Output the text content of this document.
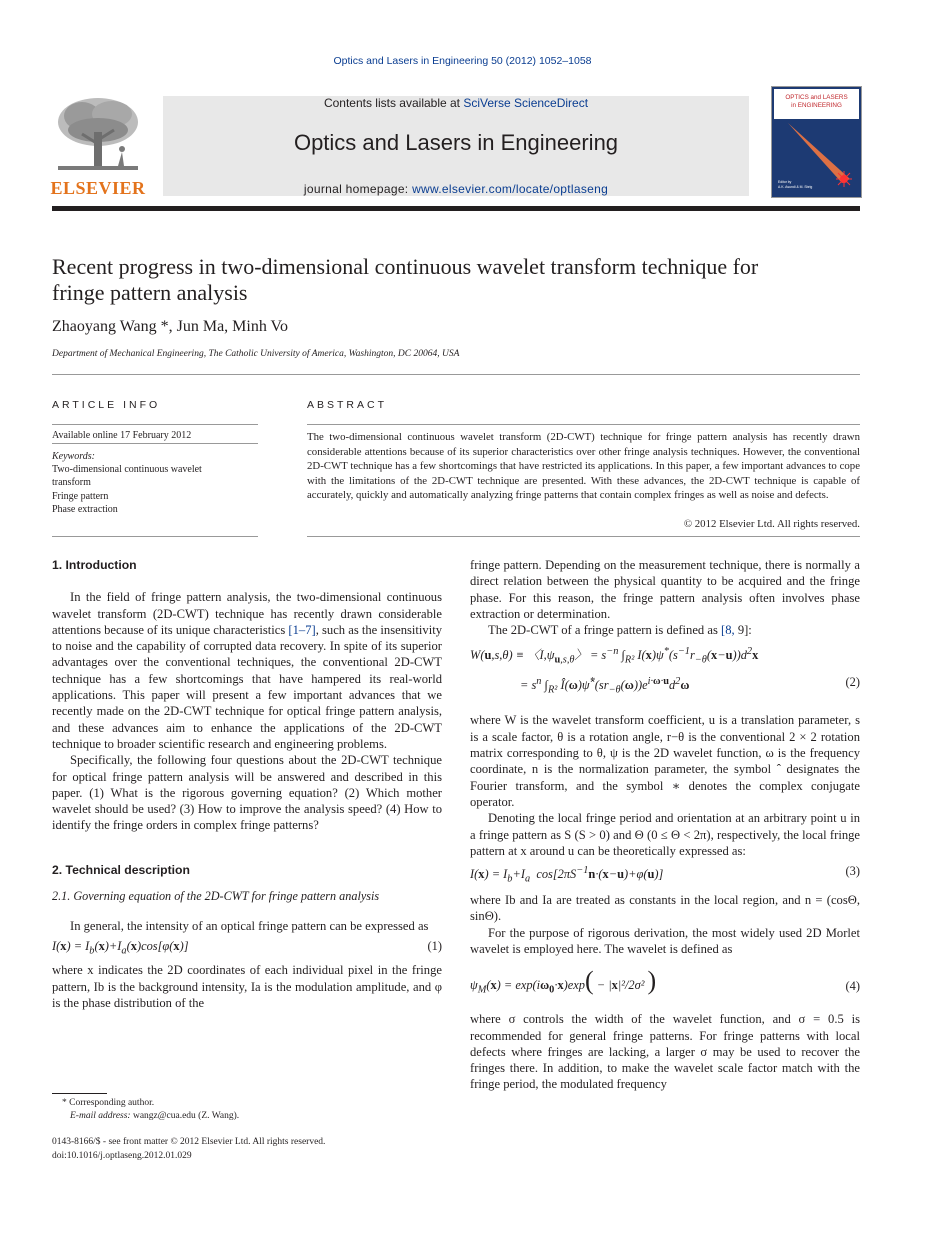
Optics and Lasers in Engineering 50 (2012) 1052–1058
ELSEVIER
Contents lists available at SciVerse ScienceDirect
Optics and Lasers in Engineering
journal homepage: www.elsevier.com/locate/optlaseng
OPTICS and LASERS
in ENGINEERING
Editor by
A.K. Asundi & M. Sbrig
Recent progress in two-dimensional continuous wavelet transform technique for fringe pattern analysis
Zhaoyang Wang *, Jun Ma, Minh Vo
Department of Mechanical Engineering, The Catholic University of America, Washington, DC 20064, USA
ARTICLE INFO	ABSTRACT
Available online 17 February 2012
Keywords:
Two-dimensional continuous wavelet
transform
Fringe pattern
Phase extraction
The two-dimensional continuous wavelet transform (2D-CWT) technique for fringe pattern analysis has recently drawn considerable attentions because of its superior characteristics over other fringe analysis techniques. However, the conventional 2D-CWT technique has a few shortcomings that have restricted its applications. In this paper, a few important advances to cope with the limitations of the 2D-CWT technique are presented. With these advances, the 2D-CWT technique is capable of accurately, quickly and automatically analyzing fringe patterns that contain complex fringes as well as noise and defects.
© 2012 Elsevier Ltd. All rights reserved.
1. Introduction

In the field of fringe pattern analysis, the two-dimensional continuous wavelet transform (2D-CWT) technique has recently drawn considerable attentions because of its unique characteristics [1–7], such as the insensitivity to noise and the capability of corrupted data recovery. In spite of its superior advantages over the conventional techniques, the conventional 2D-CWT technique has a few shortcomings that have hampered its real-world applications. This paper will present a few important advances that we recently made on the 2D-CWT technique for optical fringe pattern analysis, and these advances aim to enhance the applications of the 2D-CWT technique to broader scientific research and engineering problems.

Specifically, the following four questions about the 2D-CWT technique for optical fringe pattern analysis will be answered and described in this paper. (1) What is the rigorous governing equation? (2) Which mother wavelet should be used? (3) How to improve the analysis speed? (4) How to identify the fringe orders in complex fringe patterns?

2. Technical description
2.1. Governing equation of the 2D-CWT for fringe pattern analysis

In general, the intensity of an optical fringe pattern can be expressed as

$I(x) = I_b(x)+I_a(x)\cos[\varphi(x)]$	(1)

where x indicates the 2D coordinates of each individual pixel in the fringe pattern, Ib is the background intensity, Ia is the modulation amplitude, and φ is the phase distribution of the

fringe pattern. Depending on the measurement technique, there is normally a direct relation between the physical quantity to be acquired and the fringe phase. For this reason, the fringe pattern analysis often involves phase extraction or determination.

The 2D-CWT of a fringe pattern is defined as [8, 9]:

W(u,s,θ) ≡ 〈$I,\psi_{u,s,\theta}$〉 = $s^{-n}$ $\int_{R^2}$ $I(x)\psi^*(s^{-1}r_{-\theta}(x-u))d^2x$
= $s^n$ $\int_{R^2}$ $Î(\omega)\psî^*(sr_{-\theta}(\omega))e^{i\cdot\omega\cdot u}d^2\omega$	(2)

where W is the wavelet transform coefficient, u is a translation parameter, s is a scale factor, θ is a rotation angle, r−θ is the conventional 2 × 2 rotation matrix corresponding to θ, ψ is the 2D wavelet function, ω is the frequency coordinate, n is the normalization parameter, the symbol ˆ designates the Fourier transform, and the symbol ∗ denotes the complex conjugate operator.

Denoting the local fringe period and orientation at an arbitrary point u in a fringe pattern as S (S > 0) and Θ (0 ≤ Θ < 2π), respectively, the local fringe pattern at x around u can be theoretically expressed as:

$I(x) = I_b+I_a$  $\cos[2\pi S^{-1}n\cdot(x-u)+\varphi(u)]$	(3)

where Ib and Ia are treated as constants in the local region, and n = (cosΘ, sinΘ).

For the purpose of rigorous derivation, the most widely used 2D Morlet wavelet is employed here. The wavelet is defined as

$\psi_M(x) = \exp(i\omega_0\cdot x)\exp( - |x|^2/2\sigma^2$ )	(4)

where σ controls the width of the wavelet function, and σ = 0.5 is recommended for general fringe patterns. For fringe patterns with local defects where fringes are lacking, a larger σ may be used to recover the fringes there. In addition, to make the wavelet scale factor match with the fringe period, the modulated frequency

* Corresponding author.
E-mail address: wangz@cua.edu (Z. Wang).
0143-8166/$ - see front matter © 2012 Elsevier Ltd. All rights reserved.
doi:10.1016/j.optlaseng.2012.01.029
